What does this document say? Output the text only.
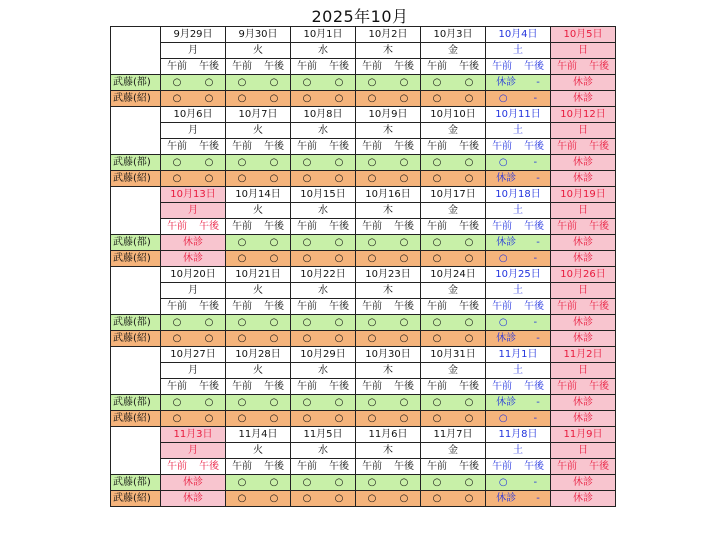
2025年10月
	9月29日	9月30日	10月1日	10月2日	10月3日	10月4日	10月5日
	月	火	水	木	金	土	日

	午前 午後	午前 午後	午前 午後	午前 午後	午前 午後	午前 午後	午前 午後

武藤(都)	○ ○	○ ○	○ ○	○ ○	○ ○	休診 -	休診
武藤(紹)	○ ○	○ ○	○ ○	○ ○	○ ○	○ -	休診
	10月6日	10月7日	10月8日	10月9日	10月10日	10月11日	10月12日
	月	火	水	木	金	土	日

	午前 午後	午前 午後	午前 午後	午前 午後	午前 午後	午前 午後	午前 午後

武藤(都)	○ ○	○ ○	○ ○	○ ○	○ ○	○ -	休診
武藤(紹)	○ ○	○ ○	○ ○	○ ○	○ ○	休診 -	休診
	10月13日	10月14日	10月15日	10月16日	10月17日	10月18日	10月19日
	月	火	水	木	金	土	日

	午前 午後	午前 午後	午前 午後	午前 午後	午前 午後	午前 午後	午前 午後

武藤(都)	休診	○ ○	○ ○	○ ○	○ ○	休診 -	休診
武藤(紹)	休診	○ ○	○ ○	○ ○	○ ○	○ -	休診
	10月20日	10月21日	10月22日	10月23日	10月24日	10月25日	10月26日
	月	火	水	木	金	土	日

	午前 午後	午前 午後	午前 午後	午前 午後	午前 午後	午前 午後	午前 午後

武藤(都)	○ ○	○ ○	○ ○	○ ○	○ ○	○ -	休診
武藤(紹)	○ ○	○ ○	○ ○	○ ○	○ ○	休診 -	休診
	10月27日	10月28日	10月29日	10月30日	10月31日	11月1日	11月2日
	月	火	水	木	金	土	日

	午前 午後	午前 午後	午前 午後	午前 午後	午前 午後	午前 午後	午前 午後

武藤(都)	○ ○	○ ○	○ ○	○ ○	○ ○	休診 -	休診
武藤(紹)	○ ○	○ ○	○ ○	○ ○	○ ○	○ -	休診
	11月3日	11月4日	11月5日	11月6日	11月7日	11月8日	11月9日
	月	火	水	木	金	土	日

	午前 午後	午前 午後	午前 午後	午前 午後	午前 午後	午前 午後	午前 午後

武藤(都)	休診	○ ○	○ ○	○ ○	○ ○	○ -	休診
武藤(紹)	休診	○ ○	○ ○	○ ○	○ ○	休診 -	休診
